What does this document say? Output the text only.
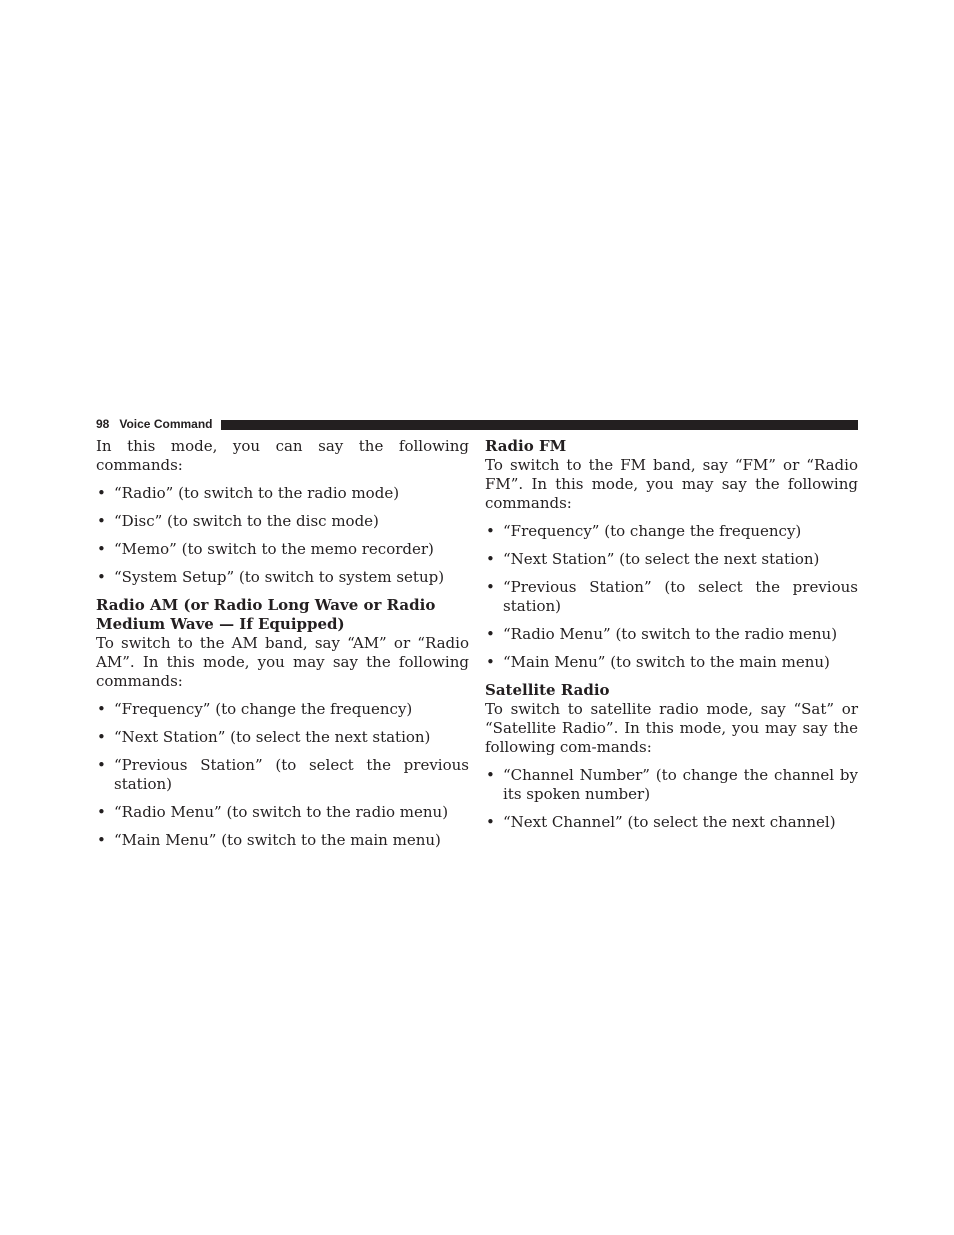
98 Voice Command

In this mode, you can say the following commands:

• “Radio” (to switch to the radio mode)
• “Disc” (to switch to the disc mode)
• “Memo” (to switch to the memo recorder)
• “System Setup” (to switch to system setup)
Radio AM (or Radio Long Wave or Radio Medium Wave — If Equipped)

To switch to the AM band, say “AM” or “Radio AM”. In this mode, you may say the following commands:

• “Frequency” (to change the frequency)
• “Next Station” (to select the next station)
• “Previous Station” (to select the previous station)
• “Radio Menu” (to switch to the radio menu)
• “Main Menu” (to switch to the main menu)
Radio FM

To switch to the FM band, say “FM” or “Radio FM”. In this mode, you may say the following commands:

• “Frequency” (to change the frequency)
• “Next Station” (to select the next station)
• “Previous Station” (to select the previous station)
• “Radio Menu” (to switch to the radio menu)
• “Main Menu” (to switch to the main menu)
Satellite Radio

To switch to satellite radio mode, say “Sat” or “Satellite Radio”. In this mode, you may say the following com-mands:

• “Channel Number” (to change the channel by its spoken number)
• “Next Channel” (to select the next channel)
